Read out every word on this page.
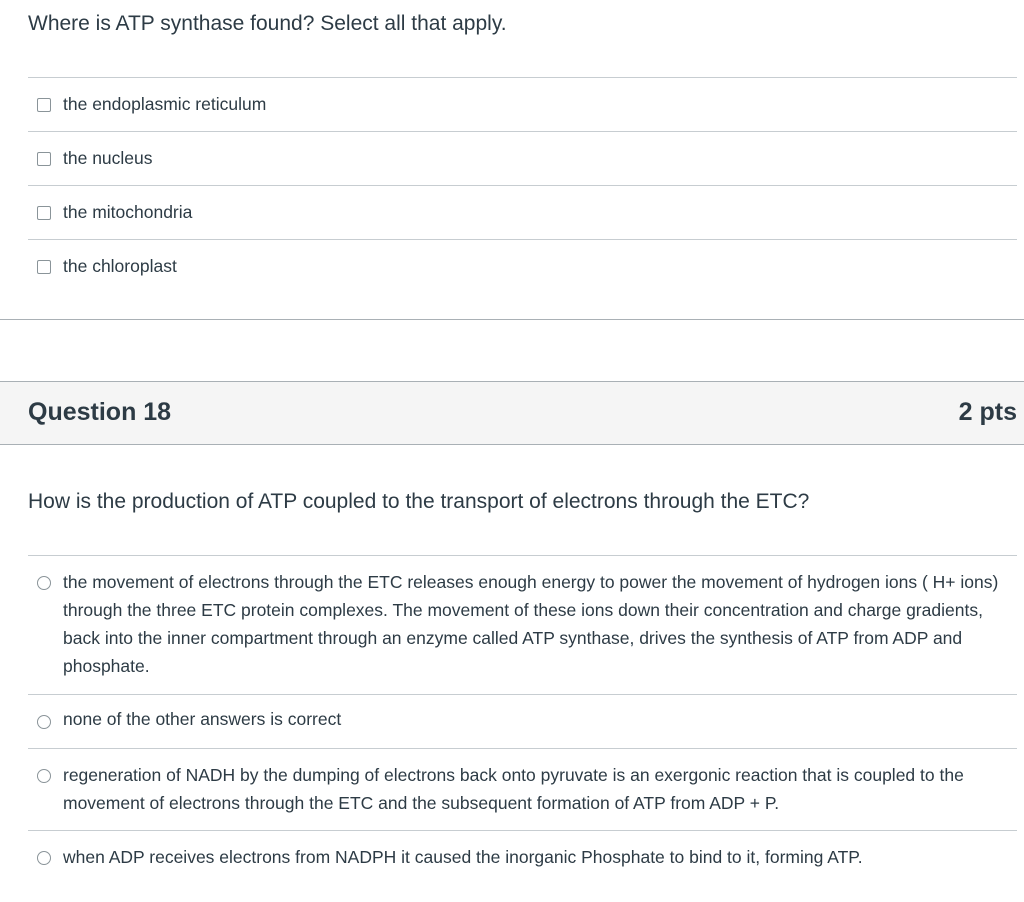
Where is ATP synthase found? Select all that apply.
the endoplasmic reticulum
the nucleus
the mitochondria
the chloroplast
Question 18	2 pts
How is the production of ATP coupled to the transport of electrons through the ETC?
the movement of electrons through the ETC releases enough energy to power the movement of hydrogen ions ( H+ ions) through the three ETC protein complexes. The movement of these ions down their concentration and charge gradients, back into the inner compartment through an enzyme called ATP synthase, drives the synthesis of ATP from ADP and phosphate.
none of the other answers is correct
regeneration of NADH by the dumping of electrons back onto pyruvate is an exergonic reaction that is coupled to the movement of electrons through the ETC and the subsequent formation of ATP from ADP + P.
when ADP receives electrons from NADPH it caused the inorganic Phosphate to bind to it, forming ATP.
